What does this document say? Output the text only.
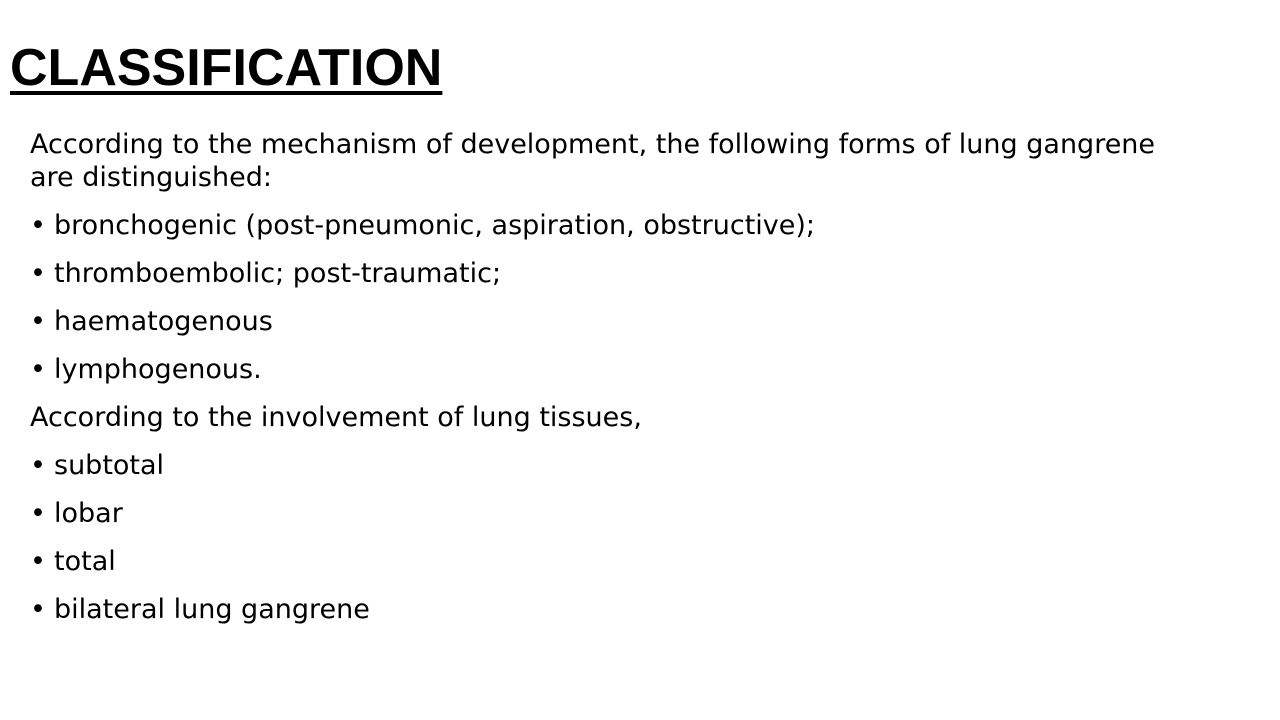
CLASSIFICATION

According to the mechanism of development, the following forms of lung gangrene are distinguished:

• bronchogenic (post-pneumonic, aspiration, obstructive);
• thromboembolic; post-traumatic;
• haematogenous
• lymphogenous.

According to the involvement of lung tissues,

• subtotal
• lobar
• total
• bilateral lung gangrene
